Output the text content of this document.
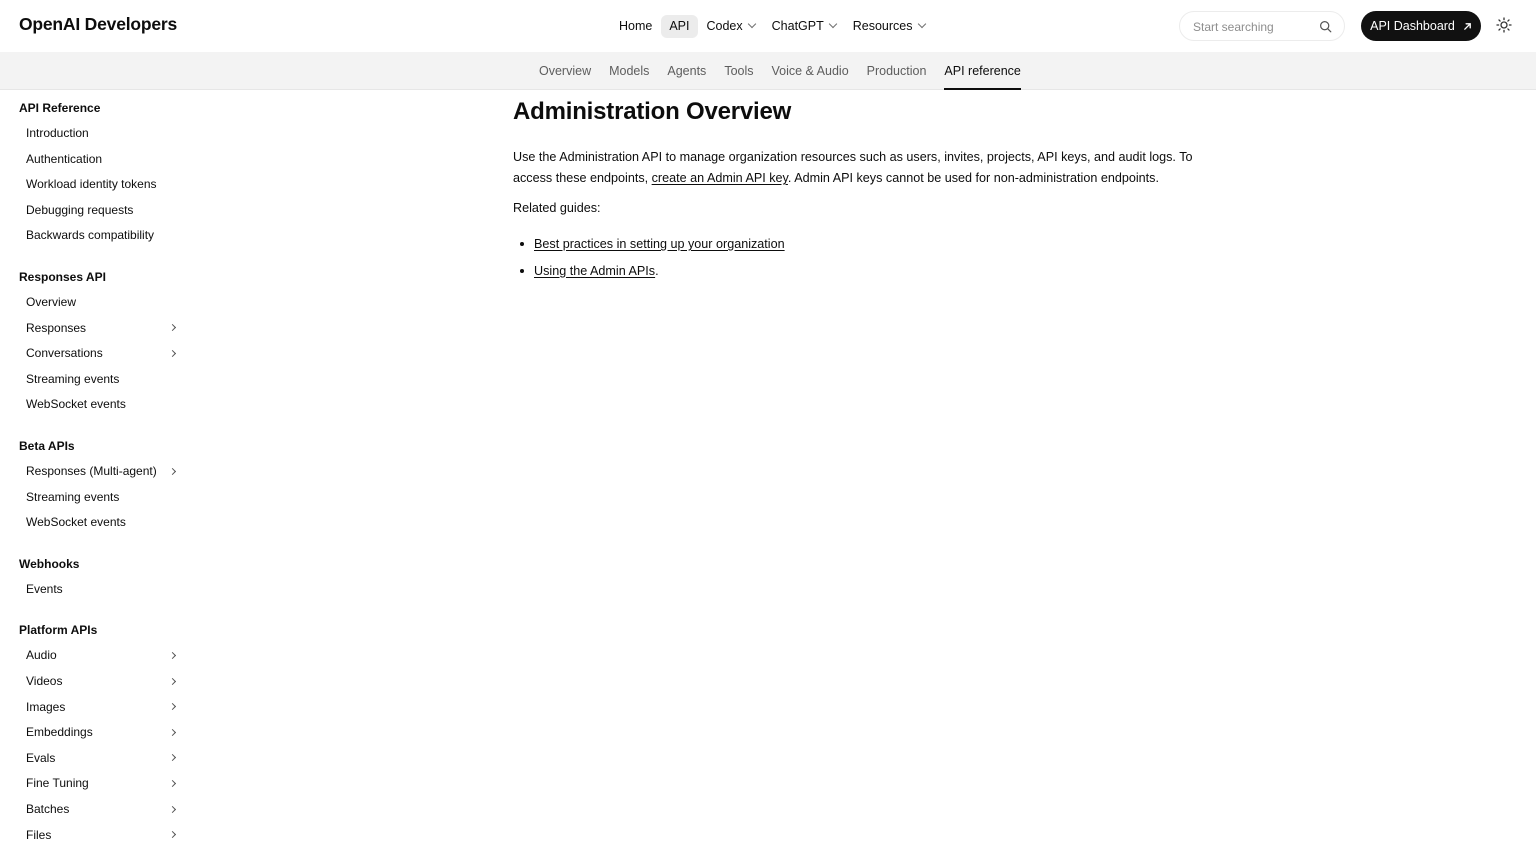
OpenAI Developers	Home API Codex ChatGPT Resources	Start searching	API Dashboard
Overview	Models	Agents	Tools	Voice & Audio	Production	API reference
API Reference
Introduction
Authentication
Workload identity tokens
Debugging requests
Backwards compatibility
Responses API
Overview
Responses
Conversations
Streaming events
WebSocket events
Beta APIs
Responses (Multi-agent)
Streaming events
WebSocket events
Webhooks
Events
Platform APIs
Audio
Videos
Images
Embeddings
Evals
Fine Tuning
Batches
Files
Administration Overview

Use the Administration API to manage organization resources such as users, invites, projects, API keys, and audit logs. To access these endpoints, create an Admin API key. Admin API keys cannot be used for non-administration endpoints.

Related guides:

Best practices in setting up your organization
Using the Admin APIs.
